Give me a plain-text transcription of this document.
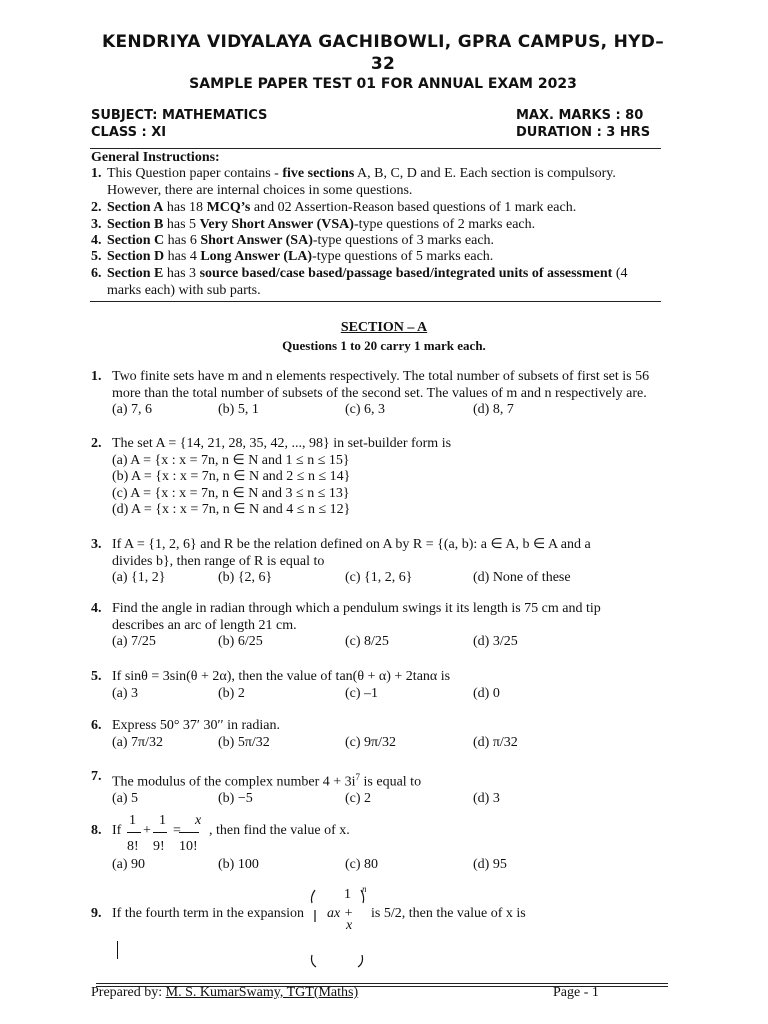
KENDRIYA VIDYALAYA GACHIBOWLI, GPRA CAMPUS, HYD–
32
SAMPLE PAPER TEST 01 FOR ANNUAL EXAM 2023
SUBJECT: MATHEMATICS
CLASS : XI
MAX. MARKS : 80
DURATION : 3 HRS
General Instructions:
1. This Question paper contains - five sections A, B, C, D and E. Each section is compulsory.
However, there are internal choices in some questions.
2. Section A has 18 MCQ’s and 02 Assertion-Reason based questions of 1 mark each.
3. Section B has 5 Very Short Answer (VSA)-type questions of 2 marks each.
4. Section C has 6 Short Answer (SA)-type questions of 3 marks each.
5. Section D has 4 Long Answer (LA)-type questions of 5 marks each.
6. Section E has 3 source based/case based/passage based/integrated units of assessment (4
marks each) with sub parts.
SECTION – A
Questions 1 to 20 carry 1 mark each.
1. Two finite sets have m and n elements respectively. The total number of subsets of first set is 56
more than the total number of subsets of the second set. The values of m and n respectively are.
(a) 7, 6	(b) 5, 1	(c) 6, 3	(d) 8, 7
2. The set A = {14, 21, 28, 35, 42, ..., 98} in set-builder form is
(a) A = {x : x = 7n, n ∈ N and 1 ≤ n ≤ 15}
(b) A = {x : x = 7n, n ∈ N and 2 ≤ n ≤ 14}
(c) A = {x : x = 7n, n ∈ N and 3 ≤ n ≤ 13}
(d) A = {x : x = 7n, n ∈ N and 4 ≤ n ≤ 12}
3. If A = {1, 2, 6} and R be the relation defined on A by R = {(a, b): a ∈ A, b ∈ A and a
divides b}, then range of R is equal to
(a) {1, 2}	(b) {2, 6}	(c) {1, 2, 6}	(d) None of these
4. Find the angle in radian through which a pendulum swings it its length is 75 cm and tip
describes an arc of length 21 cm.
(a) 7/25	(b) 6/25	(c) 8/25	(d) 3/25
5. If sinθ = 3sin(θ + 2α), then the value of tan(θ + α) + 2tanα is
(a) 3	(b) 2	(c) –1	(d) 0
6. Express 50° 37′ 30′′ in radian.
(a) 7π/32	(b) 5π/32	(c) 9π/32	(d) π/32
7. The modulus of the complex number $4 + 3i^7$ is equal to
(a) 5	(b) −5	(c) 2	(d) 3
8. If
1
8!
+
1
9!
=
x
10!
, then find the value of x.
(a) 90	(b) 100	(c) 80	(d) 95
9. If the fourth term in the expansion ax +
1
x
n
is 5/2, then the value of x is
Prepared by: M. S. KumarSwamy, TGT(Maths)	Page - 1
